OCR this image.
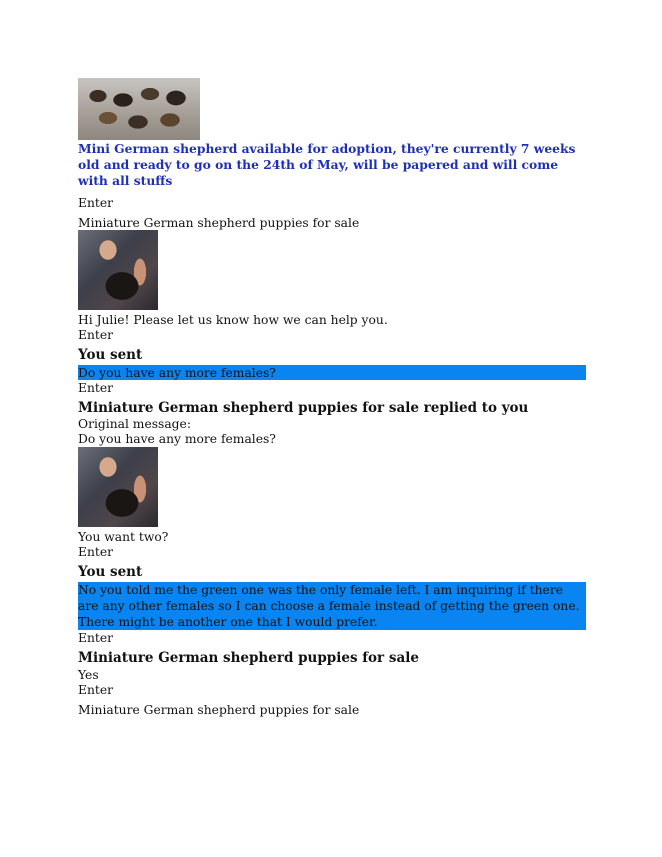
Mini German shepherd available for adoption, they're currently 7 weeks old and ready to go on the 24th of May, will be papered and will come with all stuffs
Enter
Miniature German shepherd puppies for sale
Hi Julie! Please let us know how we can help you.
Enter
You sent
Do you have any more females?
Enter
Miniature German shepherd puppies for sale replied to you
Original message:
Do you have any more females?
You want two?
Enter
You sent
No you told me the green one was the only female left. I am inquiring if there are any other females so I can choose a female instead of getting the green one. There might be another one that I would prefer.
Enter
Miniature German shepherd puppies for sale
Yes
Enter
Miniature German shepherd puppies for sale
